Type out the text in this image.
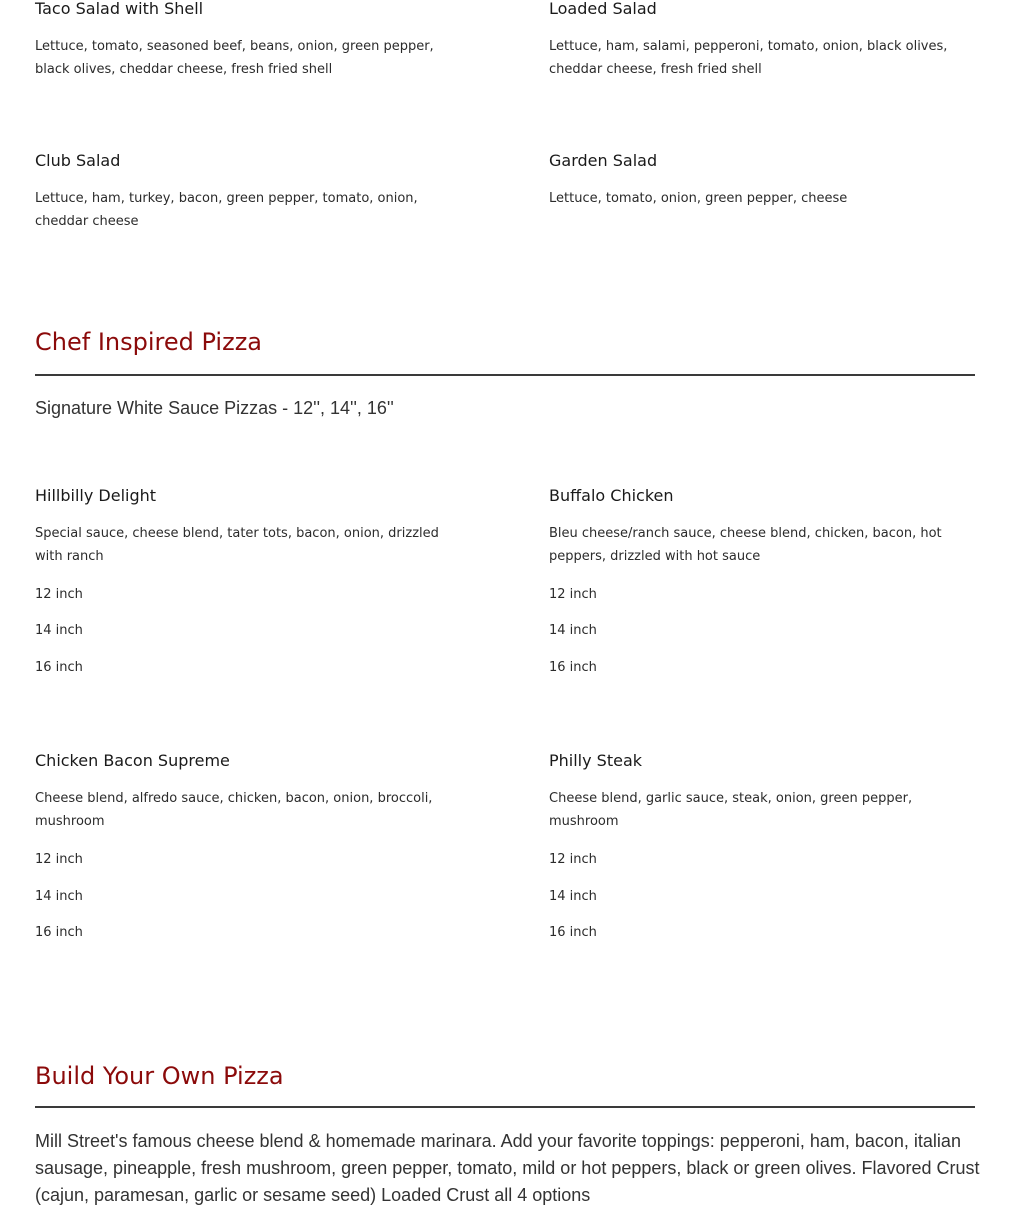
Taco Salad with Shell
Lettuce, tomato, seasoned beef, beans, onion, green pepper, black olives, cheddar cheese, fresh fried shell
Loaded Salad
Lettuce, ham, salami, pepperoni, tomato, onion, black olives, cheddar cheese, fresh fried shell
Club Salad
Lettuce, ham, turkey, bacon, green pepper, tomato, onion, cheddar cheese
Garden Salad
Lettuce, tomato, onion, green pepper, cheese
Chef Inspired Pizza
Signature White Sauce Pizzas - 12'', 14'', 16''
Hillbilly Delight
Special sauce, cheese blend, tater tots, bacon, onion, drizzled with ranch
12 inch
14 inch
16 inch
Buffalo Chicken
Bleu cheese/ranch sauce, cheese blend, chicken, bacon, hot peppers, drizzled with hot sauce
12 inch
14 inch
16 inch
Chicken Bacon Supreme
Cheese blend, alfredo sauce, chicken, bacon, onion, broccoli, mushroom
12 inch
14 inch
16 inch
Philly Steak
Cheese blend, garlic sauce, steak, onion, green pepper, mushroom
12 inch
14 inch
16 inch
Build Your Own Pizza
Mill Street's famous cheese blend & homemade marinara. Add your favorite toppings: pepperoni, ham, bacon, italian sausage, pineapple, fresh mushroom, green pepper, tomato, mild or hot peppers, black or green olives. Flavored Crust (cajun, paramesan, garlic or sesame seed) Loaded Crust all 4 options
